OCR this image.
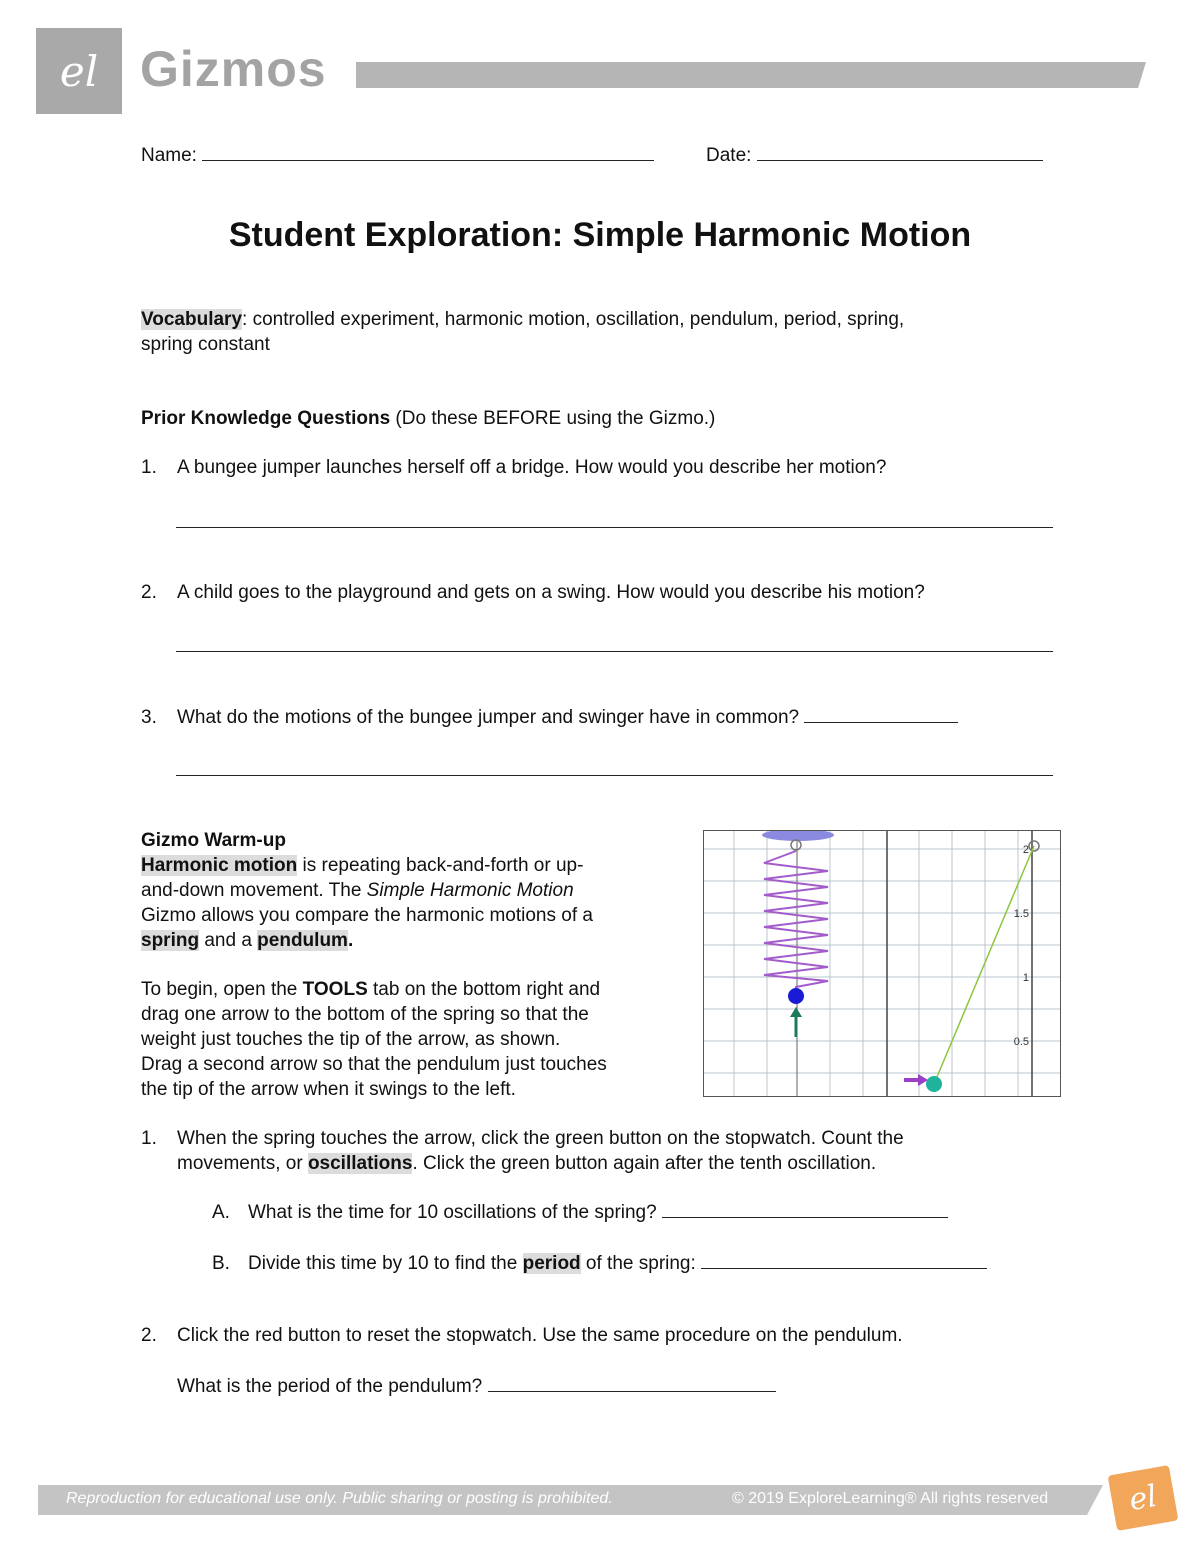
el Gizmos
Name:	Date:
Student Exploration: Simple Harmonic Motion
Vocabulary: controlled experiment, harmonic motion, oscillation, pendulum, period, spring,
spring constant
Prior Knowledge Questions (Do these BEFORE using the Gizmo.)
1. A bungee jumper launches herself off a bridge. How would you describe her motion?
2. A child goes to the playground and gets on a swing. How would you describe his motion?
3. What do the motions of the bungee jumper and swinger have in common?
Gizmo Warm-up
Harmonic motion is repeating back-and-forth or up-
and-down movement. The Simple Harmonic Motion
Gizmo allows you compare the harmonic motions of a
spring and a pendulum.
To begin, open the TOOLS tab on the bottom right and
drag one arrow to the bottom of the spring so that the
weight just touches the tip of the arrow, as shown.
Drag a second arrow so that the pendulum just touches
the tip of the arrow when it swings to the left.
2
1.5
1
0.5
1. When the spring touches the arrow, click the green button on the stopwatch. Count the
movements, or oscillations. Click the green button again after the tenth oscillation.
A. What is the time for 10 oscillations of the spring?
B. Divide this time by 10 to find the period of the spring:
2. Click the red button to reset the stopwatch. Use the same procedure on the pendulum.
What is the period of the pendulum?
Reproduction for educational use only. Public sharing or posting is prohibited.	© 2019 ExploreLearning® All rights reserved	el
